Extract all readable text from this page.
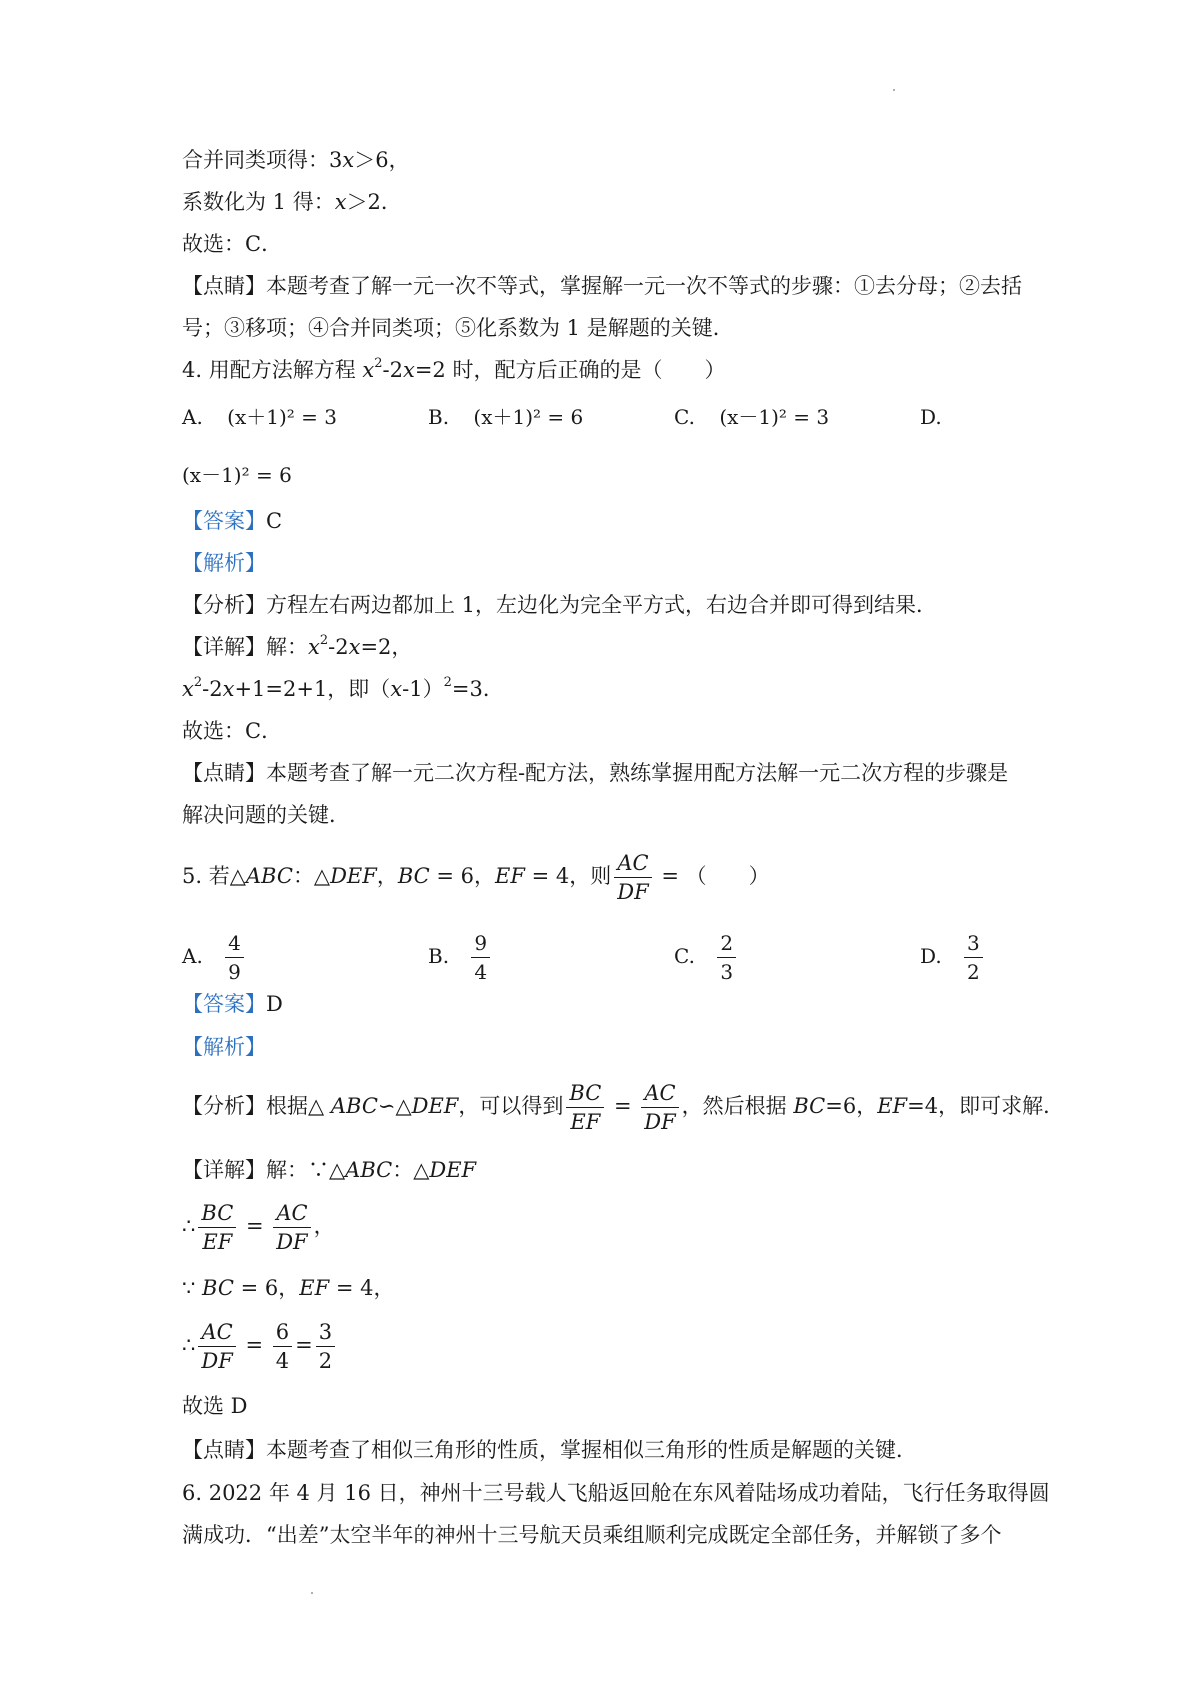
合并同类项得：3x＞6，
系数化为 1 得：x＞2．
故选：C．
【点睛】本题考查了解一元一次不等式，掌握解一元一次不等式的步骤：①去分母；②去括
号；③移项；④合并同类项；⑤化系数为 1 是解题的关键．
4. 用配方法解方程 $x^2-2x=2$ 时，配方后正确的是（　　）
A. (x＋1)² = 3	B. (x＋1)² = 6	C. (x－1)² = 3	D.
(x－1)² = 6
【答案】C
【解析】
【分析】方程左右两边都加上 1，左边化为完全平方式，右边合并即可得到结果．
【详解】解：$x^2-2x=2$，
$x^2-2x+1=2+1$，即$(x-1)^2=3$．
故选：C．
【点睛】本题考查了解一元二次方程-配方法，熟练掌握用配方法解一元二次方程的步骤是
解决问题的关键．
5. 若△ABC：△DEF，BC = 6，EF = 4，则 $\frac{AC}{DF}$ = （　　）
A. $\frac{4}{9}$	B. $\frac{9}{4}$	C. $\frac{2}{3}$	D. $\frac{3}{2}$
【答案】D
【解析】
【分析】根据△ ABC∽△DEF，可以得到 $\frac{BC}{EF} = \frac{AC}{DF}$ ，然后根据 BC=6，EF=4，即可求解．
【详解】解：∵△ABC：△DEF
∴ $\frac{BC}{EF} = \frac{AC}{DF}$ ，
∵ BC = 6，EF = 4，
∴ $\frac{AC}{DF} = \frac{6}{4} = \frac{3}{2}$
故选 D
【点睛】本题考查了相似三角形的性质，掌握相似三角形的性质是解题的关键．
6. 2022 年 4 月 16 日，神州十三号载人飞船返回舱在东风着陆场成功着陆，飞行任务取得圆
满成功．“出差”太空半年的神州十三号航天员乘组顺利完成既定全部任务，并解锁了多个
